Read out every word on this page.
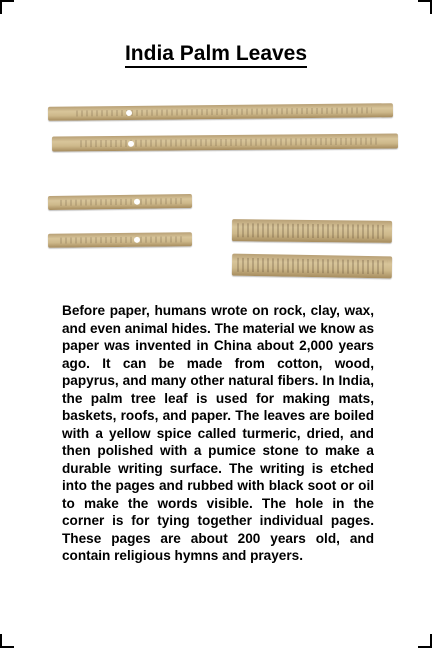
India Palm Leaves

Before paper, humans wrote on rock, clay, wax, and even animal hides. The material we know as paper was invented in China about 2,000 years ago. It can be made from cotton, wood, papyrus, and many other natural fibers. In India, the palm tree leaf is used for making mats, baskets, roofs, and paper. The leaves are boiled with a yellow spice called turmeric, dried, and then polished with a pumice stone to make a durable writing surface. The writing is etched into the pages and rubbed with black soot or oil to make the words visible. The hole in the corner is for tying together individual pages. These pages are about 200 years old, and contain religious hymns and prayers.
